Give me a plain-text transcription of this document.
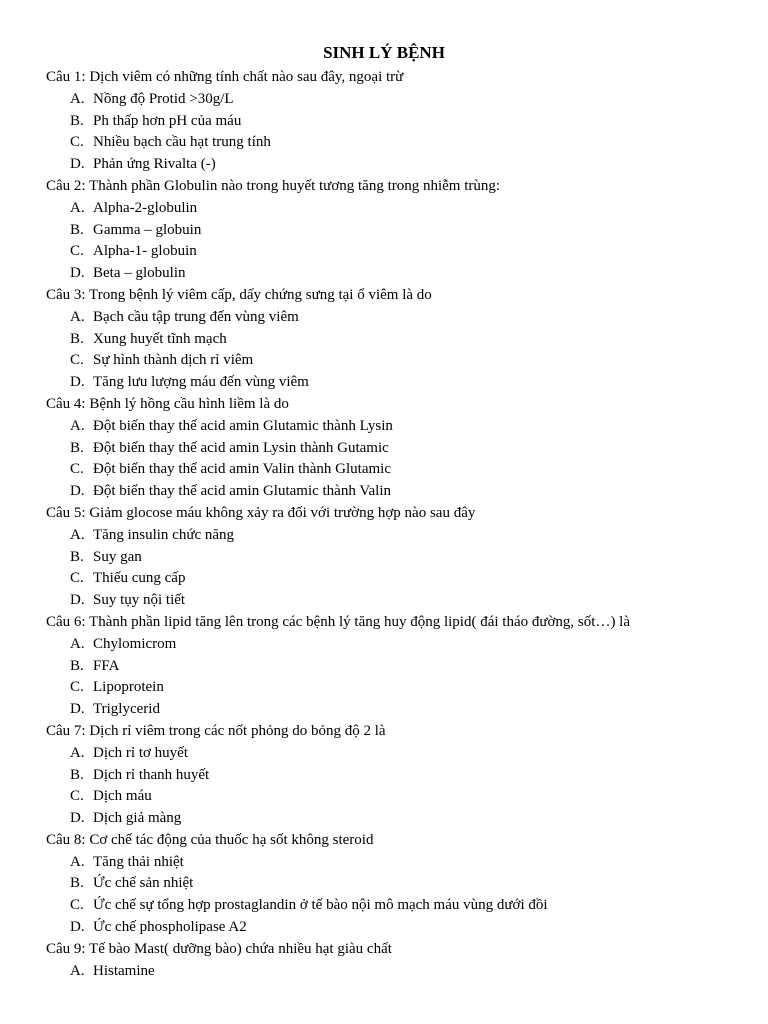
SINH LÝ BỆNH

Câu 1: Dịch viêm có những tính chất nào sau đây, ngoại trừ

A. Nồng độ Protid >30g/L
B. Ph thấp hơn pH của máu
C. Nhiều bạch cầu hạt trung tính
D. Phản ứng Rivalta (-)

Câu 2: Thành phần Globulin nào trong huyết tương tăng trong nhiễm trùng:

A. Alpha-2-globulin
B. Gamma – globuin
C. Alpha-1- globuin
D. Beta – globulin

Câu 3: Trong bệnh lý viêm cấp, dấy chứng sưng tại ổ viêm là do

A. Bạch cầu tập trung đến vùng viêm
B. Xung huyết tĩnh mạch
C. Sự hình thành dịch rỉ viêm
D. Tăng lưu lượng máu đến vùng viêm

Câu 4: Bệnh lý hồng cầu hình liềm là do

A. Đột biến thay thế acid amin Glutamic thành Lysin
B. Đột biến thay thế acid amin Lysin thành Gutamic
C. Đột biến thay thế acid amin Valin thành Glutamic
D. Đột biến thay thế acid amin Glutamic thành Valin

Câu 5: Giảm glocose máu không xảy ra đối với trường hợp nào sau đây

A. Tăng insulin chức năng
B. Suy gan
C. Thiếu cung cấp
D. Suy tụy nội tiết

Câu 6: Thành phần lipid tăng lên trong các bệnh lý tăng huy động lipid( đái tháo đường, sốt…) là

A. Chylomicrom
B. FFA
C. Lipoprotein
D. Triglycerid

Câu 7: Dịch rỉ viêm trong các nốt phỏng do bỏng độ 2 là

A. Dịch rỉ tơ huyết
B. Dịch rỉ thanh huyết
C. Dịch máu
D. Dịch giả màng

Câu 8: Cơ chế tác động của thuốc hạ sốt không steroid

A. Tăng thải nhiệt
B. Ức chế sản nhiệt
C. Ức chế sự tổng hợp prostaglandin ở tế bào nội mô mạch máu vùng dưới đồi
D. Ức chế phospholipase A2

Câu 9: Tế bào Mast( dưỡng bào) chứa nhiều hạt giàu chất

A. Histamine
